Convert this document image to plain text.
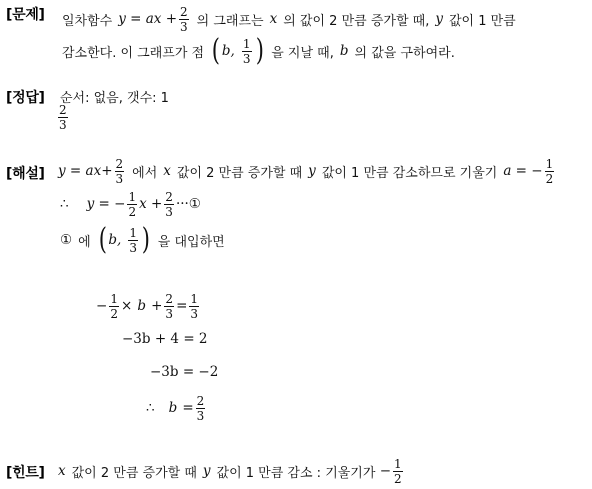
[문제]
[정답]
[해설]
[힌트]
일차함수 y = ax + $\frac{2}{3}$ 의 그래프는 x 의 값이 2 만큼 증가할 때, y 값이 1 만큼
감소한다. 이 그래프가 점 ( b,
$\frac{1}{3}$ ) 을 지날 때, b 의 값을 구하여라.
순서: 없음, 갯수: 1
$\frac{2}{3}$
$y = ax+ \frac{2}{3}$ 에서 x 값이 2 만큼 증가할 때 y 값이 1 만큼 감소하므로 기울기 a = − $\frac{1}{2}$
∴ y = − $\frac{1}{2}$ $x + \frac{2}{3}$ ···①
① 에 ( b,
$\frac{1}{3}$ ) 을 대입하면
− $\frac{1}{2}$ ×
b
+ $\frac{2}{3} = \frac{1}{3}$
−3b + 4 = 2
−3b = −2
∴ b
= $\frac{2}{3}$
x 값이 2 만큼 증가할 때 y 값이 1 만큼 감소 : 기울기가 − $\frac{1}{2}$
